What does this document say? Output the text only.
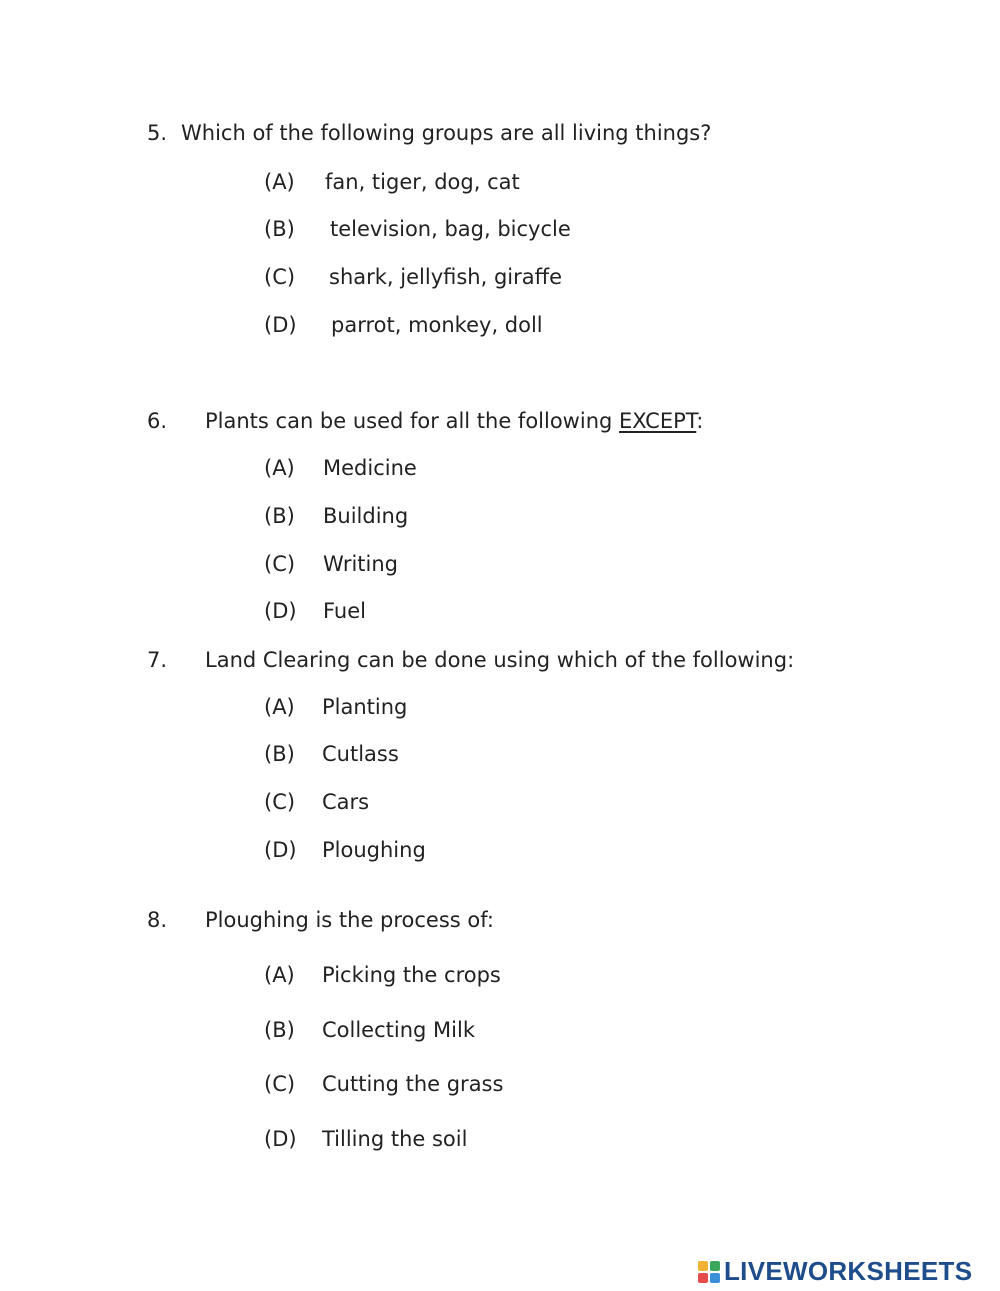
5. Which of the following groups are all living things?
(A) fan, tiger, dog, cat
(B) television, bag, bicycle
(C) shark, jellyfish, giraffe
(D) parrot, monkey, doll
6. Plants can be used for all the following EXCEPT:
(A) Medicine
(B) Building
(C) Writing
(D) Fuel
7. Land Clearing can be done using which of the following:
(A) Planting
(B) Cutlass
(C) Cars
(D) Ploughing
8. Ploughing is the process of:
(A) Picking the crops
(B) Collecting Milk
(C) Cutting the grass
(D) Tilling the soil
LIVEWORKSHEETS
